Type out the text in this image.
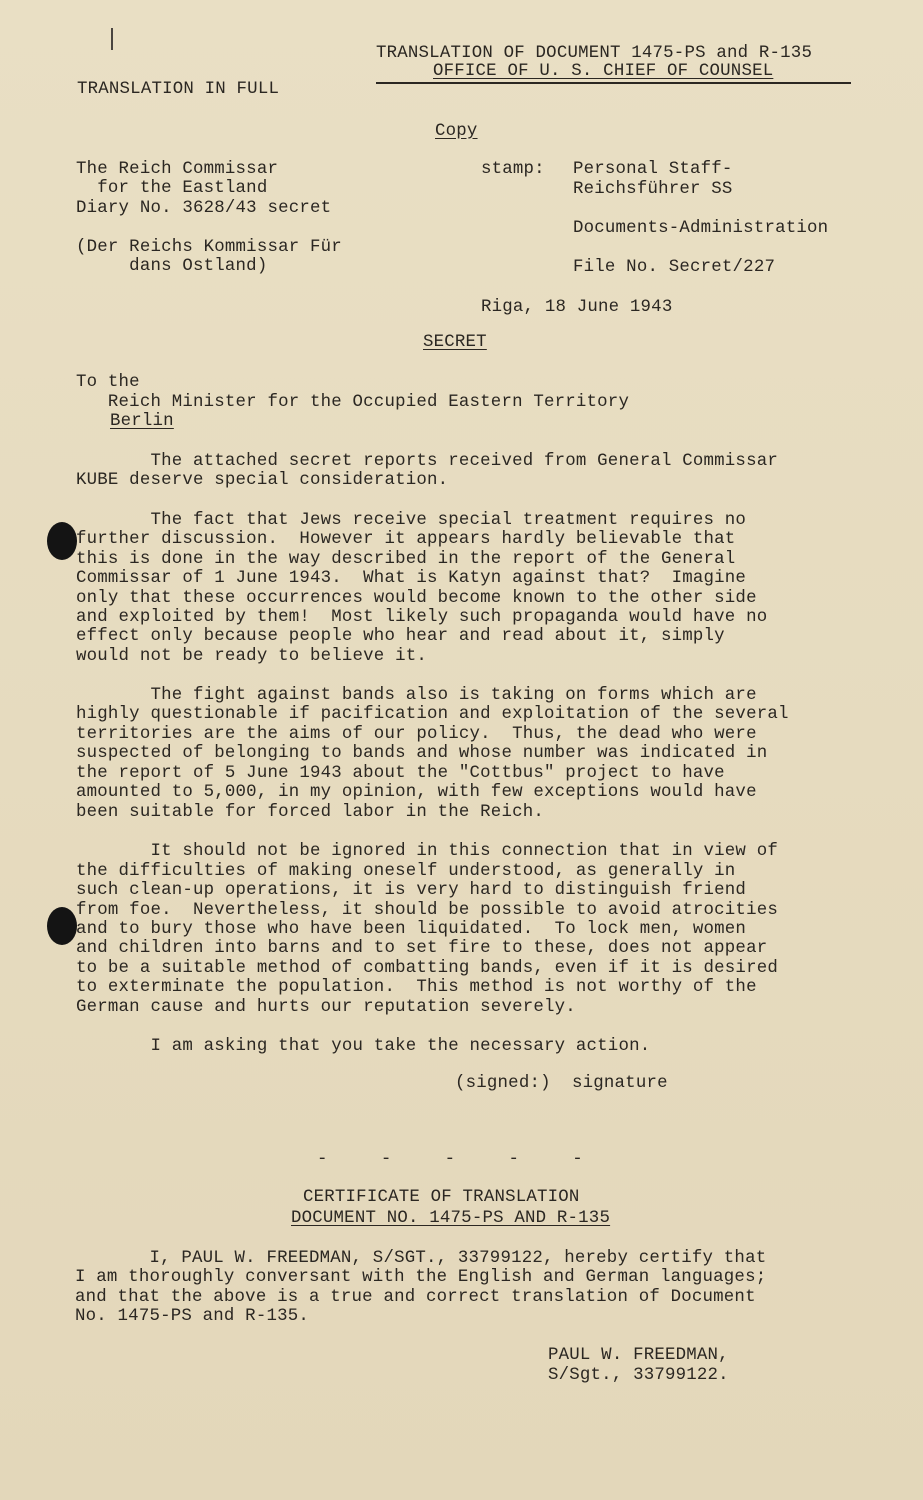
TRANSLATION OF DOCUMENT 1475-PS and R-135
OFFICE OF U. S. CHIEF OF COUNSEL
TRANSLATION IN FULL
Copy
The Reich Commissar
for the Eastland
Diary No. 3628/43 secret
(Der Reichs Kommissar Für
dans Ostland)
stamp: Personal Staff-
Reichsführer SS
Documents-Administration
File No. Secret/227
Riga, 18 June 1943
SECRET
To the
Reich Minister for the Occupied Eastern Territory
Berlin
The attached secret reports received from General Commissar
KUBE deserve special consideration.
The fact that Jews receive special treatment requires no
further discussion.  However it appears hardly believable that
this is done in the way described in the report of the General
Commissar of 1 June 1943.  What is Katyn against that?  Imagine
only that these occurrences would become known to the other side
and exploited by them!  Most likely such propaganda would have no
effect only because people who hear and read about it, simply
would not be ready to believe it.
The fight against bands also is taking on forms which are
highly questionable if pacification and exploitation of the several
territories are the aims of our policy.  Thus, the dead who were
suspected of belonging to bands and whose number was indicated in
the report of 5 June 1943 about the "Cottbus" project to have
amounted to 5,000, in my opinion, with few exceptions would have
been suitable for forced labor in the Reich.
It should not be ignored in this connection that in view of
the difficulties of making oneself understood, as generally in
such clean-up operations, it is very hard to distinguish friend
from foe.  Nevertheless, it should be possible to avoid atrocities
and to bury those who have been liquidated.  To lock men, women
and children into barns and to set fire to these, does not appear
to be a suitable method of combatting bands, even if it is desired
to exterminate the population.  This method is not worthy of the
German cause and hurts our reputation severely.
I am asking that you take the necessary action.
(signed:)  signature
-     -     -     -     -
CERTIFICATE OF TRANSLATION
DOCUMENT NO. 1475-PS AND R-135
I, PAUL W. FREEDMAN, S/SGT., 33799122, hereby certify that
I am thoroughly conversant with the English and German languages;
and that the above is a true and correct translation of Document
No. 1475-PS and R-135.
PAUL W. FREEDMAN,
S/Sgt., 33799122.
